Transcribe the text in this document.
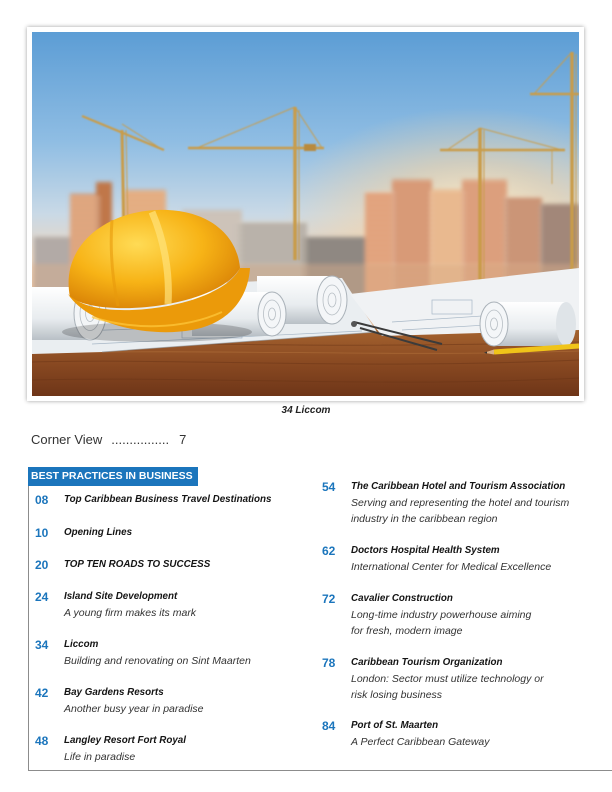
34 Liccom
Corner View ................ 7
BEST PRACTICES IN BUSINESS
08	Top Caribbean Business Travel Destinations
10	Opening Lines
20	TOP TEN ROADS TO SUCCESS
24	Island Site Development
A young firm makes its mark
34	Liccom
Building and renovating on Sint Maarten
42	Bay Gardens Resorts
Another busy year in paradise
48	Langley Resort Fort Royal
Life in paradise
54	The Caribbean Hotel and Tourism Association
Serving and representing the hotel and tourism
industry in the caribbean region
62	Doctors Hospital Health System
International Center for Medical Excellence
72	Cavalier Construction
Long-time industry powerhouse aiming
for fresh, modern image
78	Caribbean Tourism Organization
London: Sector must utilize technology or
risk losing business
84	Port of St. Maarten
A Perfect Caribbean Gateway
